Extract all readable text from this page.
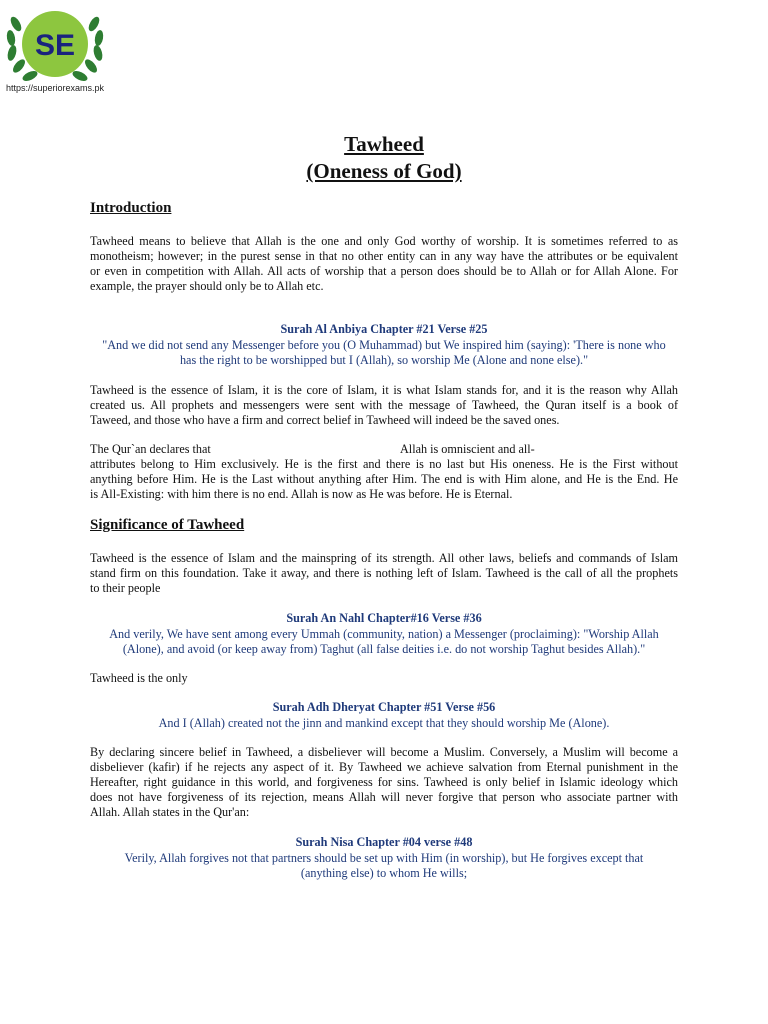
SE
https://superiorexams.pk
Tawheed
(Oneness of God)
Introduction

Tawheed means to believe that Allah is the one and only God worthy of worship. It is sometimes referred to as
monotheism; however; in the purest sense in that no other entity can in any way have the attributes or be equivalent
or even in competition with Allah. All acts of worship that a person does should be to Allah or for Allah Alone. For
example, the prayer should only be to Allah etc.

Surah Al Anbiya Chapter #21 Verse #25

"And we did not send any Messenger before you (O Muhammad) but We inspired him (saying): 'There is none who
has the right to be worshipped but I (Allah), so worship Me (Alone and none else)."

Tawheed is the essence of Islam, it is the core of Islam, it is what Islam stands for, and it is the reason why Allah
created us. All prophets and messengers were sent with the message of Tawheed, the Quran itself is a book of
Taweed, and those who have a firm and correct belief in Tawheed will indeed be the saved ones.

The Qur`an declares that	Allah is omniscient and all-
attributes belong to Him exclusively. He is the first and there is no last but His oneness. He is the First without
anything before Him. He is the Last without anything after Him. The end is with Him alone, and He is the End. He
is All-Existing: with him there is no end. Allah is now as He was before. He is Eternal.

Significance of Tawheed

Tawheed is the essence of Islam and the mainspring of its strength. All other laws, beliefs and commands of Islam
stand firm on this foundation. Take it away, and there is nothing left of Islam. Tawheed is the call of all the prophets
to their people

Surah An Nahl Chapter#16 Verse #36

And verily, We have sent among every Ummah (community, nation) a Messenger (proclaiming): "Worship Allah
(Alone), and avoid (or keep away from) Taghut (all false deities i.e. do not worship Taghut besides Allah)."

Tawheed is the only

Surah Adh Dheryat Chapter #51 Verse #56

And I (Allah) created not the jinn and mankind except that they should worship Me (Alone).

By declaring sincere belief in Tawheed, a disbeliever will become a Muslim. Conversely, a Muslim will become a
disbeliever (kafir) if he rejects any aspect of it. By Tawheed we achieve salvation from Eternal punishment in the
Hereafter, right guidance in this world, and forgiveness for sins. Tawheed is only belief in Islamic ideology which
does not have forgiveness of its rejection, means Allah will never forgive that person who associate partner with
Allah. Allah states in the Qur'an:

Surah Nisa Chapter #04 verse #48

Verily, Allah forgives not that partners should be set up with Him (in worship), but He forgives except that
(anything else) to whom He wills;
